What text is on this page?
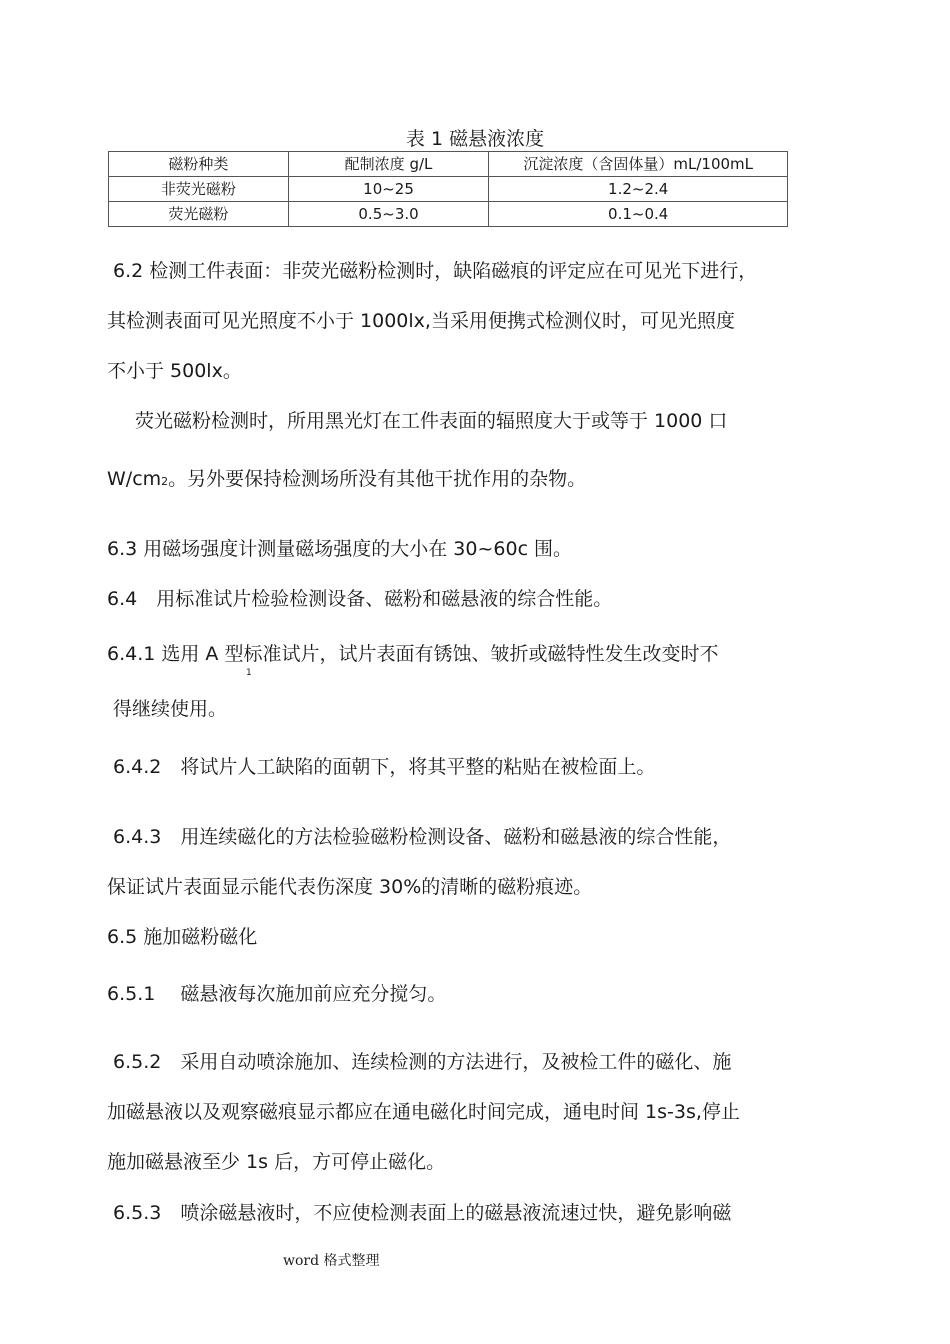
表 1 磁悬液浓度
磁粉种类	配制浓度 g/L	沉淀浓度（含固体量）mL/100mL
非荧光磁粉	10~25	1.2~2.4
荧光磁粉	0.5~3.0	0.1~0.4
6.2 检测工件表面：非荧光磁粉检测时，缺陷磁痕的评定应在可见光下进行，
其检测表面可见光照度不小于 1000lx,当采用便携式检测仪时，可见光照度
不小于 500lx。
荧光磁粉检测时，所用黑光灯在工件表面的辐照度大于或等于 1000 口
W/cm2。另外要保持检测场所没有其他干扰作用的杂物。
6.3 用磁场强度计测量磁场强度的大小在 30~60c 围。
6.4　用标准试片检验检测设备、磁粉和磁悬液的综合性能。
6.4.1 选用 A 型标准试片，试片表面有锈蚀、皱折或磁特性发生改变时不
1
得继续使用。
6.4.2　将试片人工缺陷的面朝下，将其平整的粘贴在被检面上。
6.4.3　用连续磁化的方法检验磁粉检测设备、磁粉和磁悬液的综合性能，
保证试片表面显示能代表伤深度 30%的清晰的磁粉痕迹。
6.5 施加磁粉磁化
6.5.1　 磁悬液每次施加前应充分搅匀。
6.5.2　采用自动喷涂施加、连续检测的方法进行，及被检工件的磁化、施
加磁悬液以及观察磁痕显示都应在通电磁化时间完成，通电时间 1s-3s,停止
施加磁悬液至少 1s 后，方可停止磁化。
6.5.3　喷涂磁悬液时，不应使检测表面上的磁悬液流速过快，避免影响磁
word 格式整理
